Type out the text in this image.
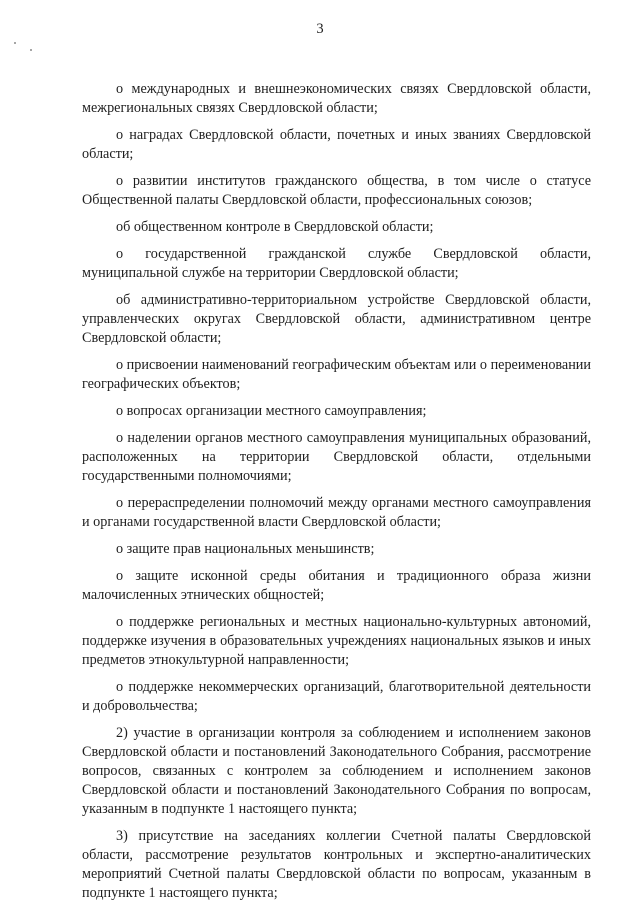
3

о международных и внешнеэкономических связях Свердловской области, межрегиональных связях Свердловской области;

о наградах Свердловской области, почетных и иных званиях Свердловской области;

о развитии институтов гражданского общества, в том числе о статусе Общественной палаты Свердловской области, профессиональных союзов;

об общественном контроле в Свердловской области;

о государственной гражданской службе Свердловской области, муниципальной службе на территории Свердловской области;

об административно-территориальном устройстве Свердловской области, управленческих округах Свердловской области, административном центре Свердловской области;

о присвоении наименований географическим объектам или о переименовании географических объектов;

о вопросах организации местного самоуправления;

о наделении органов местного самоуправления муниципальных образований, расположенных на территории Свердловской области, отдельными государственными полномочиями;

о перераспределении полномочий между органами местного самоуправления и органами государственной власти Свердловской области;

о защите прав национальных меньшинств;

о защите исконной среды обитания и традиционного образа жизни малочисленных этнических общностей;

о поддержке региональных и местных национально-культурных автономий, поддержке изучения в образовательных учреждениях национальных языков и иных предметов этнокультурной направленности;

о поддержке некоммерческих организаций, благотворительной деятельности и добровольчества;

2) участие в организации контроля за соблюдением и исполнением законов Свердловской области и постановлений Законодательного Собрания, рассмотрение вопросов, связанных с контролем за соблюдением и исполнением законов Свердловской области и постановлений Законодательного Собрания по вопросам, указанным в подпункте 1 настоящего пункта;

3) присутствие на заседаниях коллегии Счетной палаты Свердловской области, рассмотрение результатов контрольных и экспертно-аналитических мероприятий Счетной палаты Свердловской области по вопросам, указанным в подпункте 1 настоящего пункта;
